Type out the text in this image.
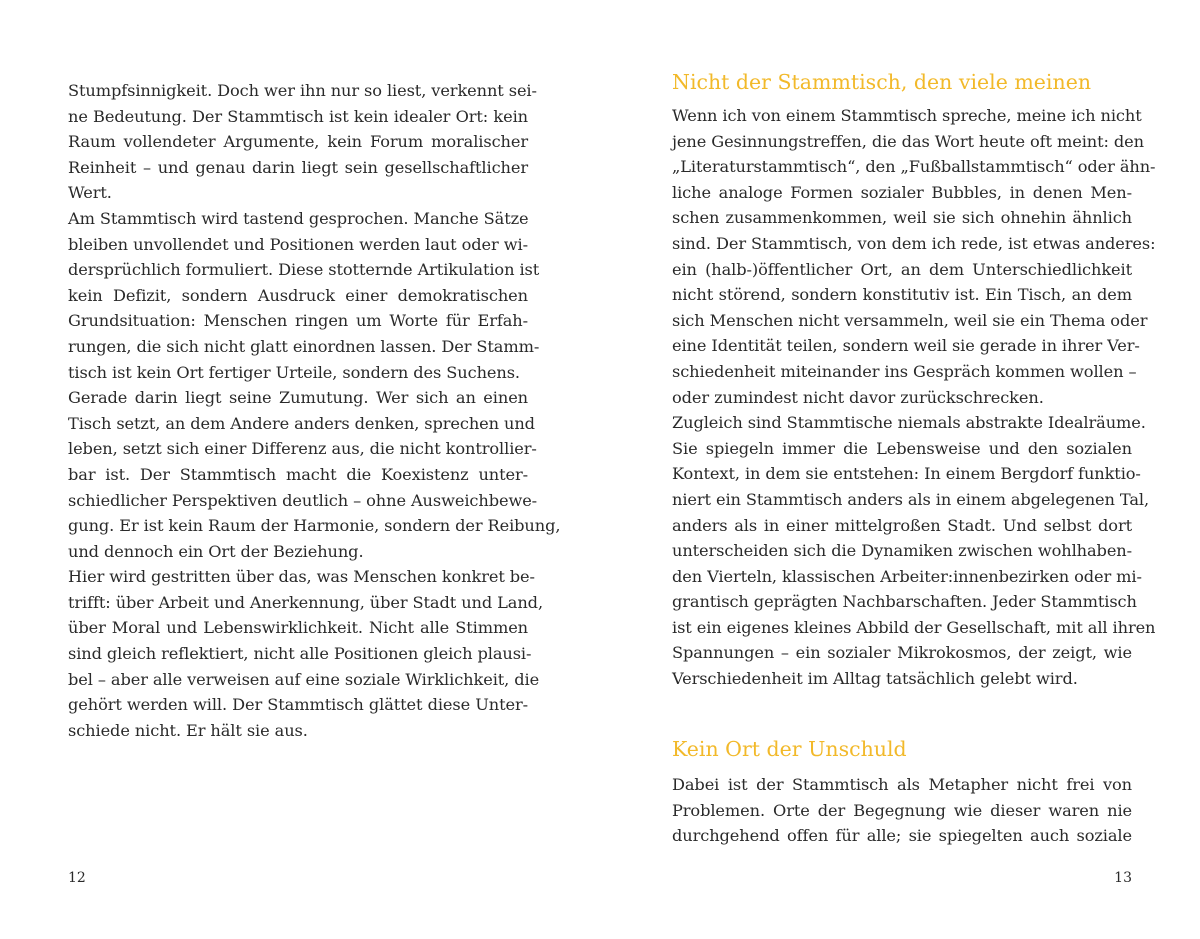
Stumpfsinnigkeit. Doch wer ihn nur so liest, verkennt sei-
ne Bedeutung. Der Stammtisch ist kein idealer Ort: kein
Raum vollendeter Argumente, kein Forum moralischer
Reinheit – und genau darin liegt sein gesellschaftlicher
Wert.

Am Stammtisch wird tastend gesprochen. Manche Sätze
bleiben unvollendet und Positionen werden laut oder wi-
dersprüchlich formuliert. Diese stotternde Artikulation ist
kein Defizit, sondern Ausdruck einer demokratischen
Grundsituation: Menschen ringen um Worte für Erfah-
rungen, die sich nicht glatt einordnen lassen. Der Stamm-
tisch ist kein Ort fertiger Urteile, sondern des Suchens.

Gerade darin liegt seine Zumutung. Wer sich an einen
Tisch setzt, an dem Andere anders denken, sprechen und
leben, setzt sich einer Differenz aus, die nicht kontrollier-
bar ist. Der Stammtisch macht die Koexistenz unter-
schiedlicher Perspektiven deutlich – ohne Ausweichbewe-
gung. Er ist kein Raum der Harmonie, sondern der Reibung,
und dennoch ein Ort der Beziehung.

Hier wird gestritten über das, was Menschen konkret be-
trifft: über Arbeit und Anerkennung, über Stadt und Land,
über Moral und Lebenswirklichkeit. Nicht alle Stimmen
sind gleich reflektiert, nicht alle Positionen gleich plausi-
bel – aber alle verweisen auf eine soziale Wirklichkeit, die
gehört werden will. Der Stammtisch glättet diese Unter-
schiede nicht. Er hält sie aus.

12
Nicht der Stammtisch, den viele meinen

Wenn ich von einem Stammtisch spreche, meine ich nicht
jene Gesinnungstreffen, die das Wort heute oft meint: den
„Literaturstammtisch“, den „Fußballstammtisch“ oder ähn-
liche analoge Formen sozialer Bubbles, in denen Men-
schen zusammenkommen, weil sie sich ohnehin ähnlich
sind. Der Stammtisch, von dem ich rede, ist etwas anderes:
ein (halb-)öffentlicher Ort, an dem Unterschiedlichkeit
nicht störend, sondern konstitutiv ist. Ein Tisch, an dem
sich Menschen nicht versammeln, weil sie ein Thema oder
eine Identität teilen, sondern weil sie gerade in ihrer Ver-
schiedenheit miteinander ins Gespräch kommen wollen –
oder zumindest nicht davor zurückschrecken.

Zugleich sind Stammtische niemals abstrakte Idealräume.
Sie spiegeln immer die Lebensweise und den sozialen
Kontext, in dem sie entstehen: In einem Bergdorf funktio-
niert ein Stammtisch anders als in einem abgelegenen Tal,
anders als in einer mittelgroßen Stadt. Und selbst dort
unterscheiden sich die Dynamiken zwischen wohlhaben-
den Vierteln, klassischen Arbeiter:innenbezirken oder mi-
grantisch geprägten Nachbarschaften. Jeder Stammtisch
ist ein eigenes kleines Abbild der Gesellschaft, mit all ihren
Spannungen – ein sozialer Mikrokosmos, der zeigt, wie
Verschiedenheit im Alltag tatsächlich gelebt wird.

Kein Ort der Unschuld

Dabei ist der Stammtisch als Metapher nicht frei von
Problemen. Orte der Begegnung wie dieser waren nie
durchgehend offen für alle; sie spiegelten auch soziale

13
